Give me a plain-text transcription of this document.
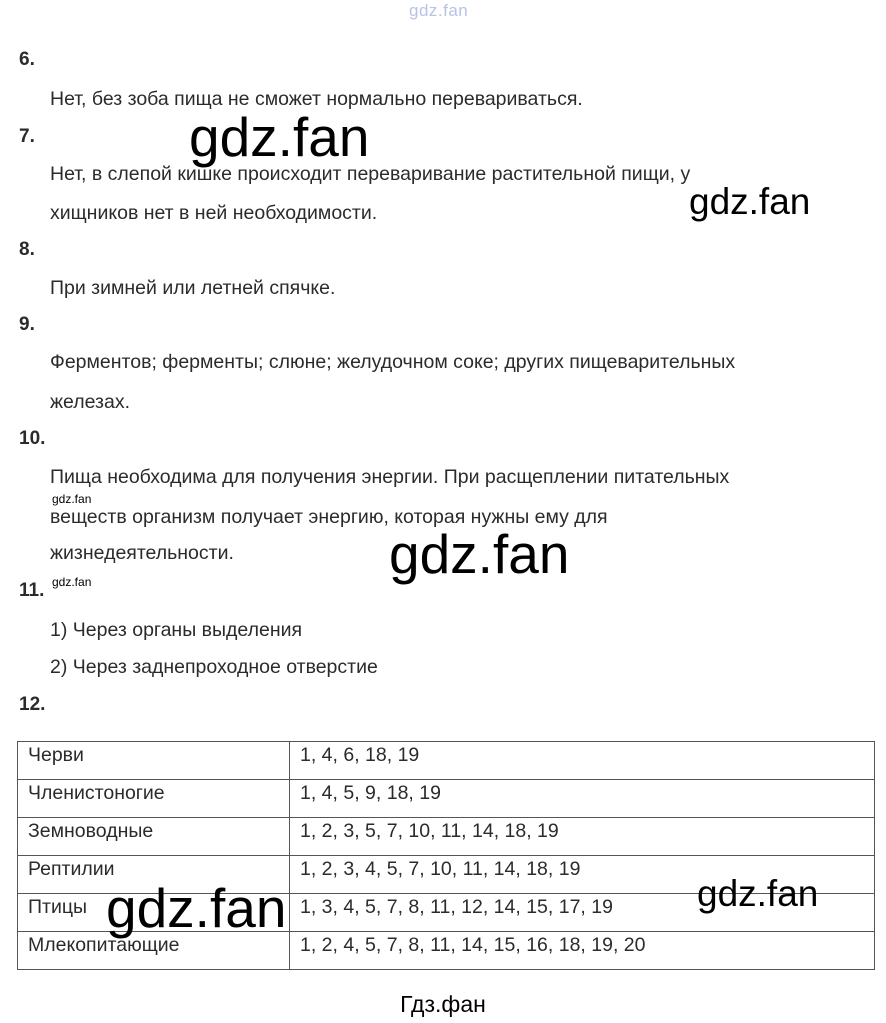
gdz.fan
6.
Нет, без зоба пища не сможет нормально перевариваться.
7.
Нет, в слепой кишке происходит переваривание растительной пищи, у
хищников нет в ней необходимости.
8.
При зимней или летней спячке.
9.
Ферментов; ферменты; слюне; желудочном соке; других пищеварительных
железах.
10.
Пища необходима для получения энергии. При расщеплении питательных
веществ организм получает энергию, которая нужны ему для
жизнедеятельности.
11.
1) Через органы выделения
2) Через заднепроходное отверстие
12.
Черви	1, 4, 6, 18, 19
Членистоногие	1, 4, 5, 9, 18, 19
Земноводные	1, 2, 3, 5, 7, 10, 11, 14, 18, 19
Рептилии	1, 2, 3, 4, 5, 7, 10, 11, 14, 18, 19
Птицы	1, 3, 4, 5, 7, 8, 11, 12, 14, 15, 17, 19
Млекопитающие	1, 2, 4, 5, 7, 8, 11, 14, 15, 16, 18, 19, 20
gdz.fan
gdz.fan
gdz.fan
gdz.fan
gdz.fan
gdz.fan	gdz.fan
Гдз.фан
